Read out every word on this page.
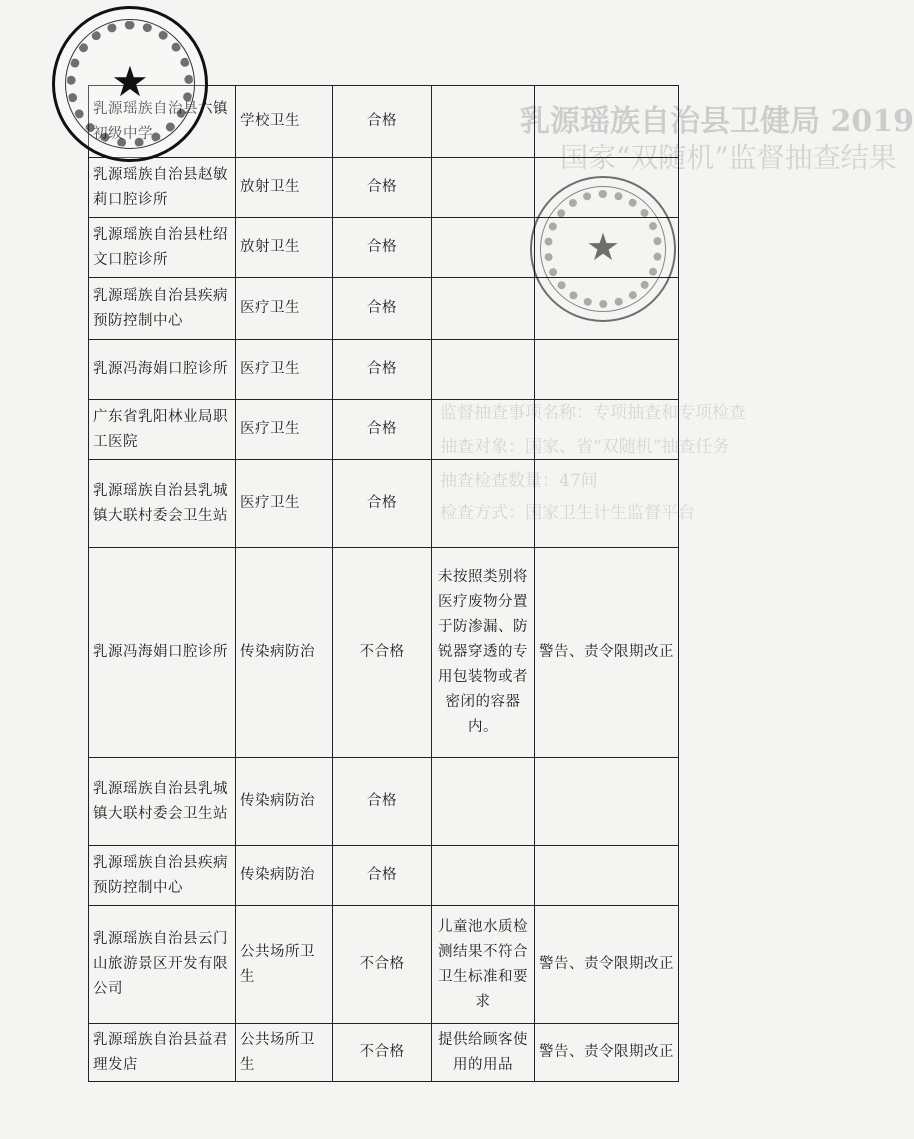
乳源瑶族自治县卫健局 2019
国家“双随机”监督抽查结果
监督抽查事项名称：专项抽查和专项检查
抽查对象：国家、省“双随机”抽查任务
抽查检查数量：47间
检查方式：国家卫生计生监督平台
乳源瑶族自治县六镇初级中学	学校卫生	合格		
乳源瑶族自治县赵敏莉口腔诊所	放射卫生	合格		
乳源瑶族自治县杜绍文口腔诊所	放射卫生	合格		
乳源瑶族自治县疾病预防控制中心	医疗卫生	合格		
乳源冯海娟口腔诊所	医疗卫生	合格		
广东省乳阳林业局职工医院	医疗卫生	合格		
乳源瑶族自治县乳城镇大联村委会卫生站	医疗卫生	合格		
乳源冯海娟口腔诊所	传染病防治	不合格	未按照类别将医疗废物分置于防渗漏、防锐器穿透的专用包装物或者密闭的容器内。	警告、责令限期改正
乳源瑶族自治县乳城镇大联村委会卫生站	传染病防治	合格		
乳源瑶族自治县疾病预防控制中心	传染病防治	合格		
乳源瑶族自治县云门山旅游景区开发有限公司	公共场所卫生	不合格	儿童池水质检测结果不符合卫生标准和要求	警告、责令限期改正
乳源瑶族自治县益君理发店	公共场所卫生	不合格	提供给顾客使用的用品	警告、责令限期改正
★
★
